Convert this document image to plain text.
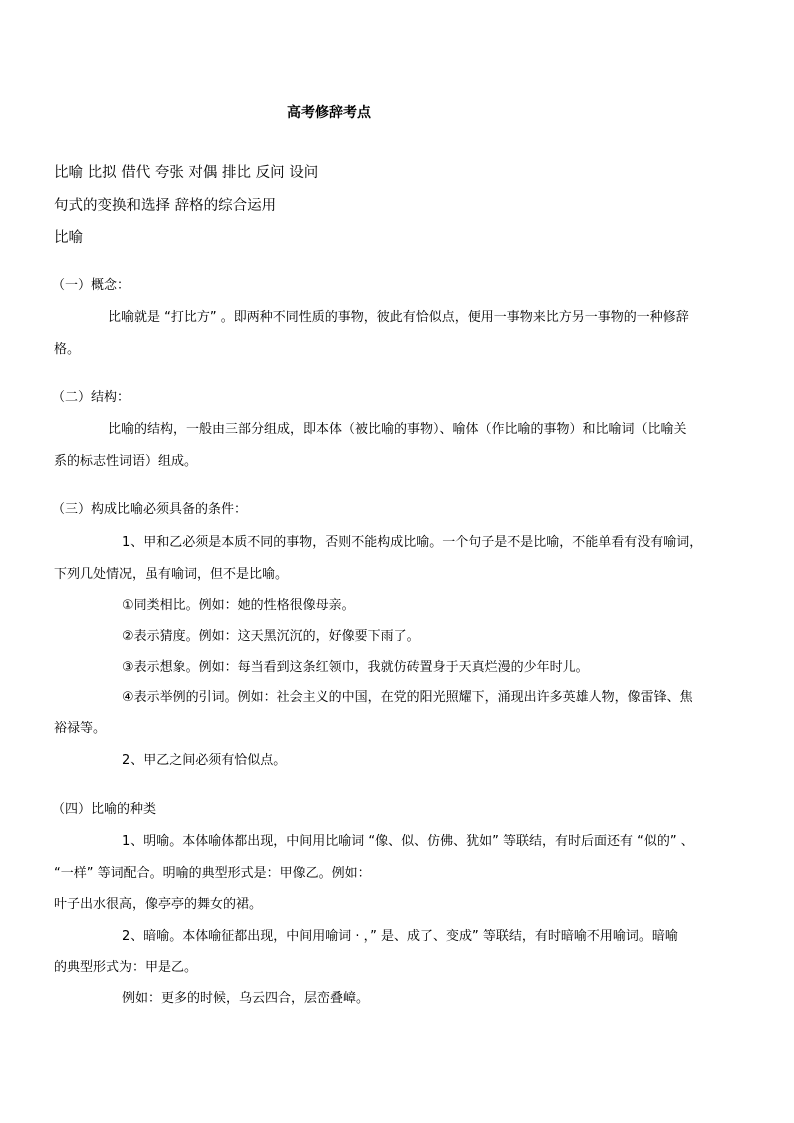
高考修辞考点
比喻 比拟 借代 夸张 对偶 排比 反问 设问
句式的变换和选择 辞格的综合运用
比喻
（一）概念：
比喻就是 “打比方” 。即两种不同性质的事物，彼此有恰似点，便用一事物来比方另一事物的一种修辞
格。
（二）结构：
比喻的结构，一般由三部分组成，即本体（被比喻的事物）、喻体（作比喻的事物）和比喻词（比喻关
系的标志性词语）组成。
（三）构成比喻必须具备的条件：
1、甲和乙必须是本质不同的事物，否则不能构成比喻。一个句子是不是比喻，不能单看有没有喻词，
下列几处情况，虽有喻词，但不是比喻。
①同类相比。例如：她的性格很像母亲。
②表示猜度。例如：这天黑沉沉的，好像要下雨了。
③表示想象。例如：每当看到这条红领巾，我就仿砖置身于天真烂漫的少年时儿。
④表示举例的引词。例如：社会主义的中国，在党的阳光照耀下，涌现出许多英雄人物，像雷锋、焦
裕禄等。
2、甲乙之间必须有恰似点。
（四）比喻的种类
1、明喻。本体喻体都出现，中间用比喻词 “像、似、仿佛、犹如” 等联结，有时后面还有 “似的” 、
“一样” 等词配合。明喻的典型形式是：甲像乙。例如：
叶子出水很高，像亭亭的舞女的裙。
2、暗喻。本体喻征都出现，中间用喻词 · ，” 是、成了、变成” 等联结，有时暗喻不用喻词。暗喻
的典型形式为：甲是乙。
例如：更多的时候，乌云四合，层峦叠嶂。
